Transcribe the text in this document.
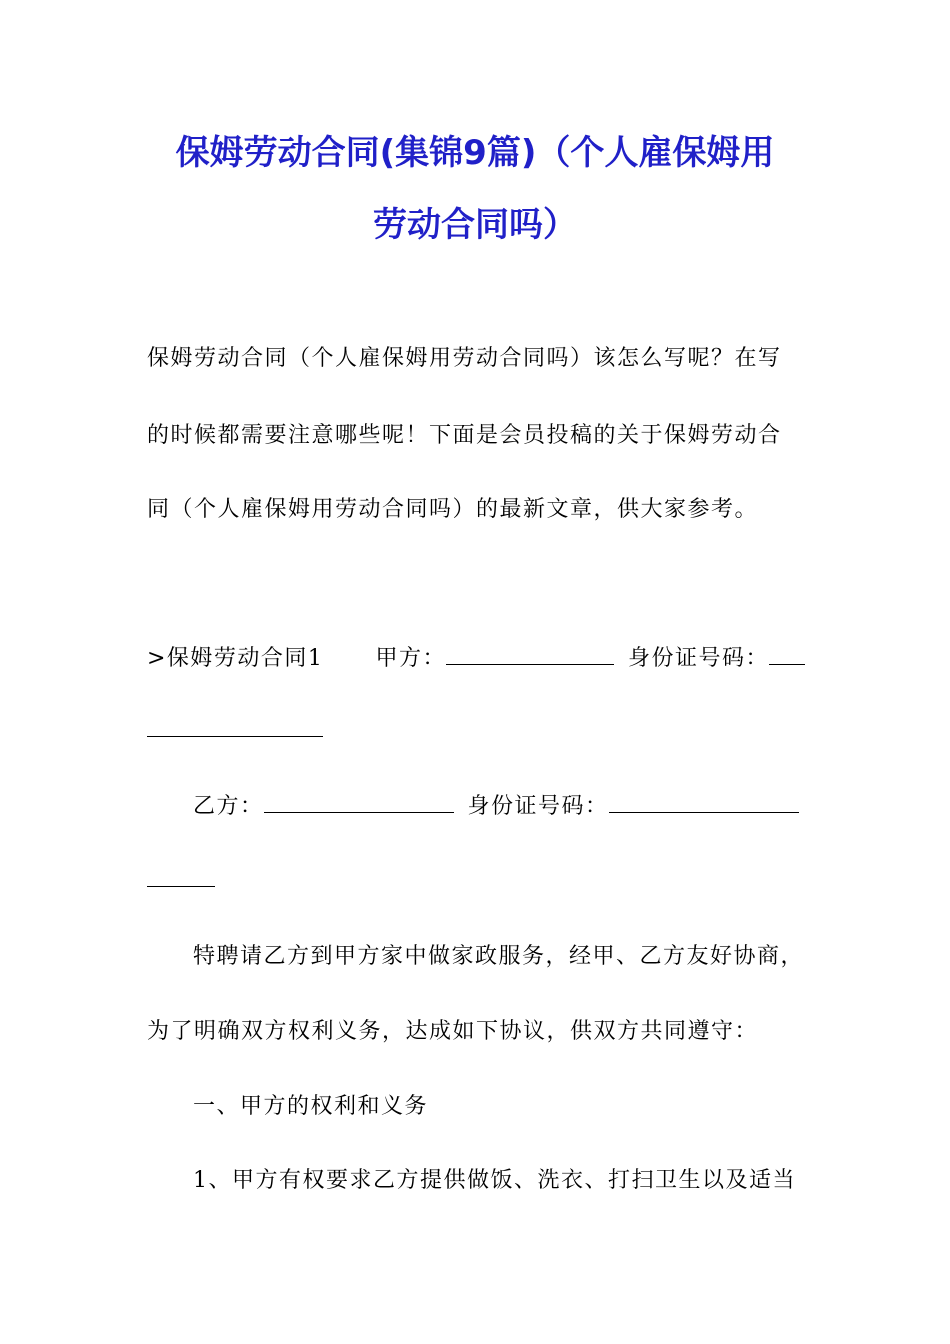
保姆劳动合同(集锦9篇)（个人雇保姆用
劳动合同吗）
保姆劳动合同（个人雇保姆用劳动合同吗）该怎么写呢？在写
的时候都需要注意哪些呢！下面是会员投稿的关于保姆劳动合
同（个人雇保姆用劳动合同吗）的最新文章，供大家参考。
>保姆劳动合同1 甲方：	身份证号码：
乙方：	身份证号码：
特聘请乙方到甲方家中做家政服务，经甲、乙方友好协商，
为了明确双方权利义务，达成如下协议，供双方共同遵守：
一、甲方的权利和义务
1、甲方有权要求乙方提供做饭、洗衣、打扫卫生以及适当
